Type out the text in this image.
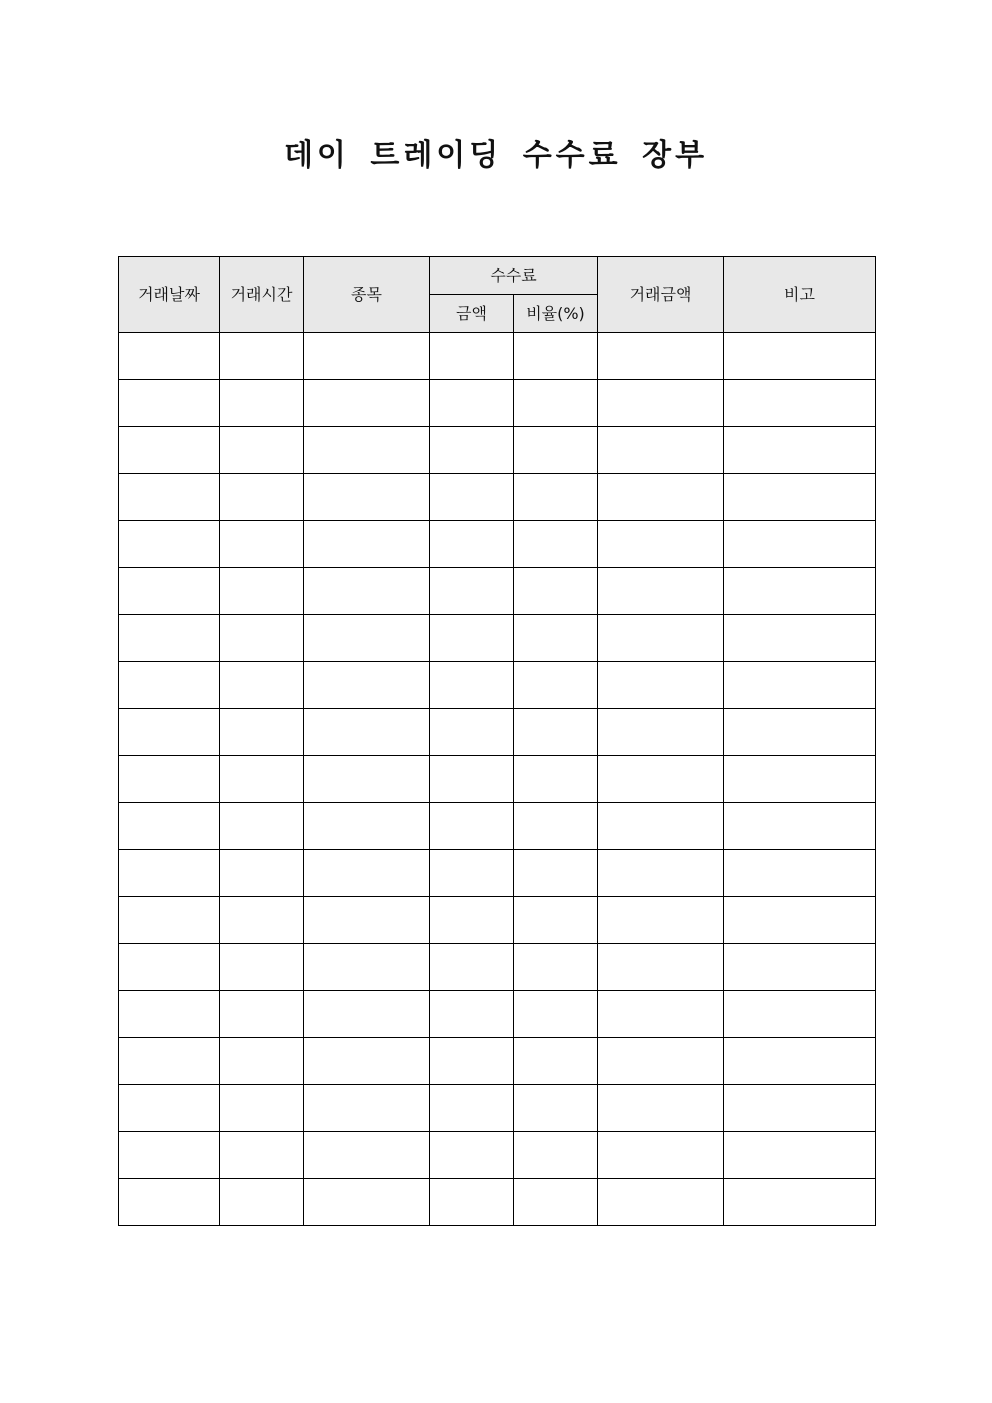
데이 트레이딩 수수료 장부
거래날짜	거래시간	종목	수수료		거래금액	비고
			금액	비율(%)		
